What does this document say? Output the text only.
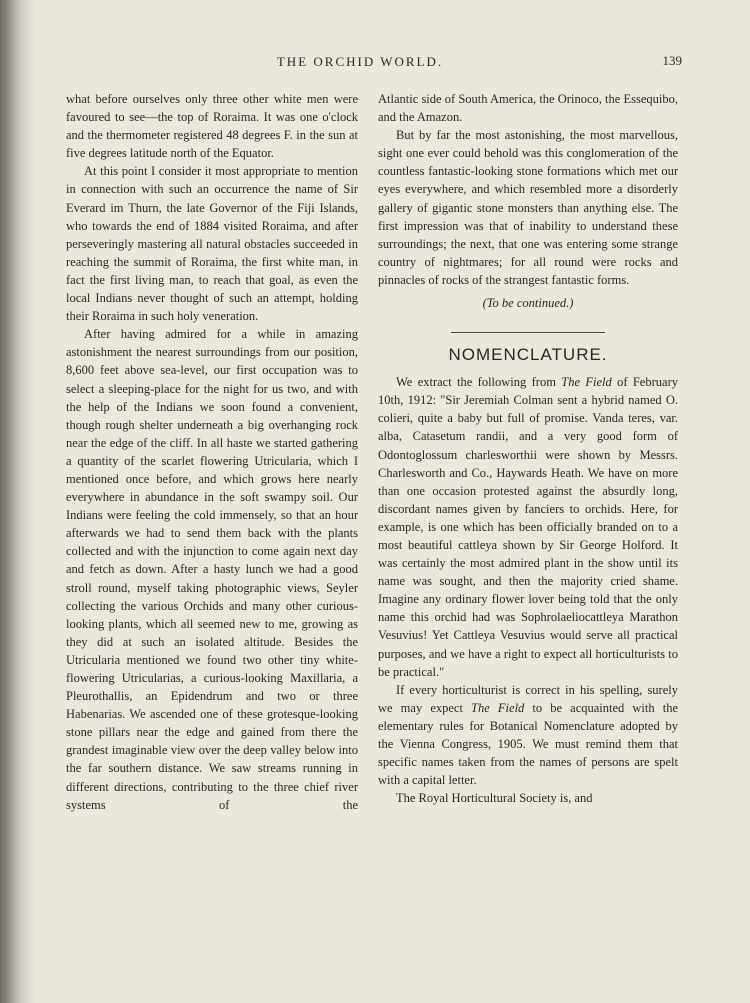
THE ORCHID WORLD.	139

what before ourselves only three other white men were favoured to see—the top of Roraima. It was one o'clock and the thermometer registered 48 degrees F. in the sun at five degrees latitude north of the Equator.

At this point I consider it most appropriate to mention in connection with such an occurrence the name of Sir Everard im Thurn, the late Governor of the Fiji Islands, who towards the end of 1884 visited Roraima, and after perseveringly mastering all natural obstacles succeeded in reaching the summit of Roraima, the first white man, in fact the first living man, to reach that goal, as even the local Indians never thought of such an attempt, holding their Roraima in such holy veneration.

After having admired for a while in amazing astonishment the nearest surroundings from our position, 8,600 feet above sea-level, our first occupation was to select a sleeping-place for the night for us two, and with the help of the Indians we soon found a convenient, though rough shelter underneath a big overhanging rock near the edge of the cliff. In all haste we started gathering a quantity of the scarlet flowering Utricularia, which I mentioned once before, and which grows here nearly everywhere in abundance in the soft swampy soil. Our Indians were feeling the cold immensely, so that an hour afterwards we had to send them back with the plants collected and with the injunction to come again next day and fetch as down. After a hasty lunch we had a good stroll round, myself taking photographic views, Seyler collecting the various Orchids and many other curious-looking plants, which all seemed new to me, growing as they did at such an isolated altitude. Besides the Utricularia mentioned we found two other tiny white-flowering Utricularias, a curious-looking Maxillaria, a Pleurothallis, an Epidendrum and two or three Habenarias. We ascended one of these grotesque-looking stone pillars near the edge and gained from there the grandest imaginable view over the deep valley below into the far southern distance. We saw streams running in different directions, contributing to the three chief river systems of the

Atlantic side of South America, the Orinoco, the Essequibo, and the Amazon.

But by far the most astonishing, the most marvellous, sight one ever could behold was this conglomeration of the countless fantastic-looking stone formations which met our eyes everywhere, and which resembled more a disorderly gallery of gigantic stone monsters than anything else. The first impression was that of inability to understand these surroundings; the next, that one was entering some strange country of nightmares; for all round were rocks and pinnacles of rocks of the strangest fantastic forms.

(To be continued.)

NOMENCLATURE.

We extract the following from The Field of February 10th, 1912: "Sir Jeremiah Colman sent a hybrid named O. colieri, quite a baby but full of promise. Vanda teres, var. alba, Catasetum randii, and a very good form of Odontoglossum charlesworthii were shown by Messrs. Charlesworth and Co., Haywards Heath. We have on more than one occasion protested against the absurdly long, discordant names given by fanciers to orchids. Here, for example, is one which has been officially branded on to a most beautiful cattleya shown by Sir George Holford. It was certainly the most admired plant in the show until its name was sought, and then the majority cried shame. Imagine any ordinary flower lover being told that the only name this orchid had was Sophrolaeliocattleya Marathon Vesuvius! Yet Cattleya Vesuvius would serve all practical purposes, and we have a right to expect all horticulturists to be practical."

If every horticulturist is correct in his spelling, surely we may expect The Field to be acquainted with the elementary rules for Botanical Nomenclature adopted by the Vienna Congress, 1905. We must remind them that specific names taken from the names of persons are spelt with a capital letter.

The Royal Horticultural Society is, and
